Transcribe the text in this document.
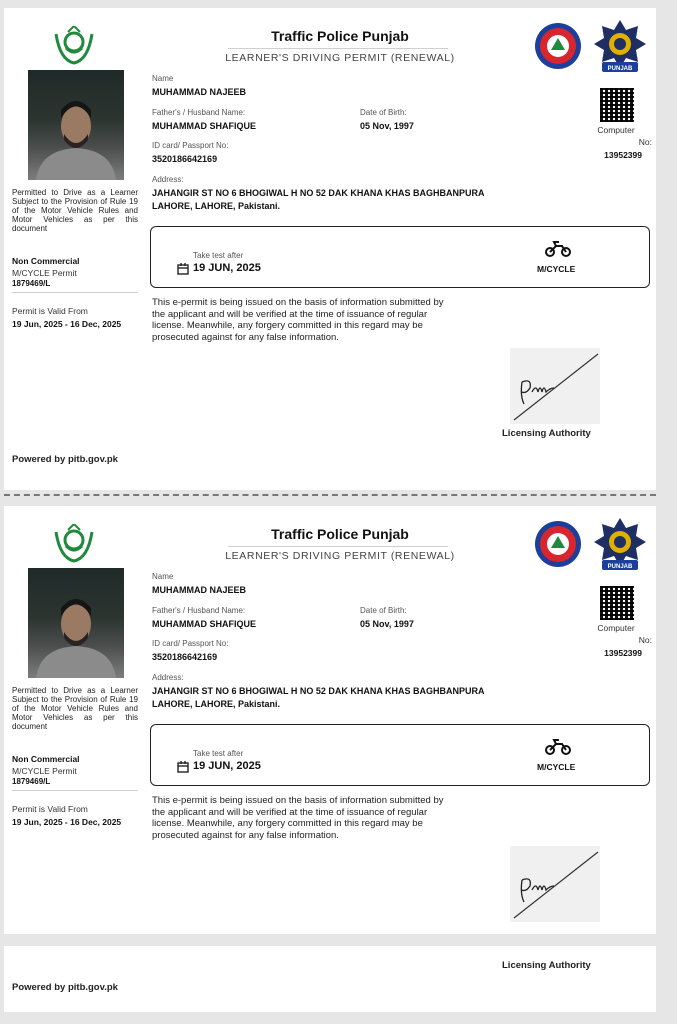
Traffic Police Punjab
LEARNER'S DRIVING PERMIT (RENEWAL)
PUNJAB
Permitted to Drive as a Learner Subject to the Provision of Rule 19 of the Motor Vehicle Rules and Motor Vehicles as per this document
Non Commercial
M/CYCLE Permit
1879469/L
Permit is Valid From
19 Jun, 2025 - 16 Dec, 2025
Name
MUHAMMAD NAJEEB
Father's / Husband Name:
MUHAMMAD SHAFIQUE
Date of Birth:
05 Nov, 1997
ID card/ Passport No:
3520186642169
Address:
JAHANGIR ST NO 6 BHOGIWAL H NO 52 DAK KHANA KHAS BAGHBANPURA
LAHORE, LAHORE, Pakistani.
Computer
No:
13952399
Take test after
19 JUN, 2025	M/CYCLE
This e-permit is being issued on the basis of information submitted by the applicant and will be verified at the time of issuance of regular license. Meanwhile, any forgery committed in this regard may be prosecuted against for any false information.
Licensing Authority
Powered by pitb.gov.pk
Traffic Police Punjab
LEARNER'S DRIVING PERMIT (RENEWAL)
PUNJAB
Permitted to Drive as a Learner Subject to the Provision of Rule 19 of the Motor Vehicle Rules and Motor Vehicles as per this document
Non Commercial
M/CYCLE Permit
1879469/L
Permit is Valid From
19 Jun, 2025 - 16 Dec, 2025
Name
MUHAMMAD NAJEEB
Father's / Husband Name:
MUHAMMAD SHAFIQUE
Date of Birth:
05 Nov, 1997
ID card/ Passport No:
3520186642169
Address:
JAHANGIR ST NO 6 BHOGIWAL H NO 52 DAK KHANA KHAS BAGHBANPURA
LAHORE, LAHORE, Pakistani.
Computer
No:
13952399
Take test after
19 JUN, 2025	M/CYCLE
This e-permit is being issued on the basis of information submitted by the applicant and will be verified at the time of issuance of regular license. Meanwhile, any forgery committed in this regard may be prosecuted against for any false information.
Licensing Authority
Powered by pitb.gov.pk
